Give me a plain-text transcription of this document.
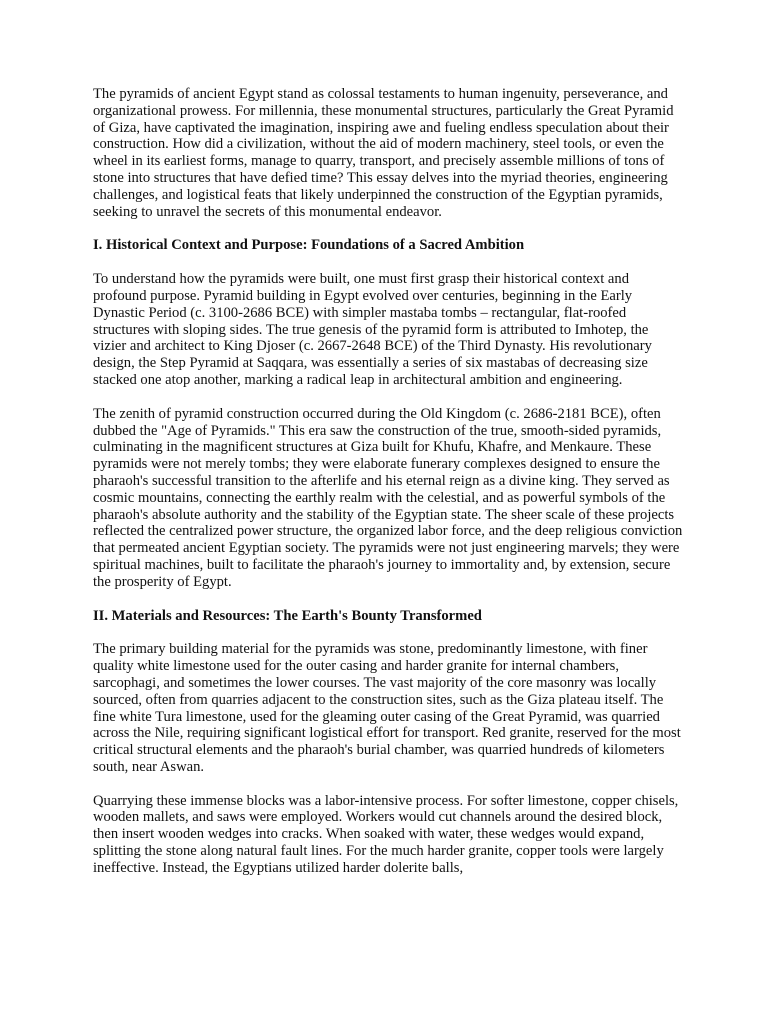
The pyramids of ancient Egypt stand as colossal testaments to human ingenuity, perseverance, and organizational prowess. For millennia, these monumental structures, particularly the Great Pyramid of Giza, have captivated the imagination, inspiring awe and fueling endless speculation about their construction. How did a civilization, without the aid of modern machinery, steel tools, or even the wheel in its earliest forms, manage to quarry, transport, and precisely assemble millions of tons of stone into structures that have defied time? This essay delves into the myriad theories, engineering challenges, and logistical feats that likely underpinned the construction of the Egyptian pyramids, seeking to unravel the secrets of this monumental endeavor.

I. Historical Context and Purpose: Foundations of a Sacred Ambition

To understand how the pyramids were built, one must first grasp their historical context and profound purpose. Pyramid building in Egypt evolved over centuries, beginning in the Early Dynastic Period (c. 3100-2686 BCE) with simpler mastaba tombs – rectangular, flat-roofed structures with sloping sides. The true genesis of the pyramid form is attributed to Imhotep, the vizier and architect to King Djoser (c. 2667-2648 BCE) of the Third Dynasty. His revolutionary design, the Step Pyramid at Saqqara, was essentially a series of six mastabas of decreasing size stacked one atop another, marking a radical leap in architectural ambition and engineering.

The zenith of pyramid construction occurred during the Old Kingdom (c. 2686-2181 BCE), often dubbed the "Age of Pyramids." This era saw the construction of the true, smooth-sided pyramids, culminating in the magnificent structures at Giza built for Khufu, Khafre, and Menkaure. These pyramids were not merely tombs; they were elaborate funerary complexes designed to ensure the pharaoh's successful transition to the afterlife and his eternal reign as a divine king. They served as cosmic mountains, connecting the earthly realm with the celestial, and as powerful symbols of the pharaoh's absolute authority and the stability of the Egyptian state. The sheer scale of these projects reflected the centralized power structure, the organized labor force, and the deep religious conviction that permeated ancient Egyptian society. The pyramids were not just engineering marvels; they were spiritual machines, built to facilitate the pharaoh's journey to immortality and, by extension, secure the prosperity of Egypt.

II. Materials and Resources: The Earth's Bounty Transformed

The primary building material for the pyramids was stone, predominantly limestone, with finer quality white limestone used for the outer casing and harder granite for internal chambers, sarcophagi, and sometimes the lower courses. The vast majority of the core masonry was locally sourced, often from quarries adjacent to the construction sites, such as the Giza plateau itself. The fine white Tura limestone, used for the gleaming outer casing of the Great Pyramid, was quarried across the Nile, requiring significant logistical effort for transport. Red granite, reserved for the most critical structural elements and the pharaoh's burial chamber, was quarried hundreds of kilometers south, near Aswan.

Quarrying these immense blocks was a labor-intensive process. For softer limestone, copper chisels, wooden mallets, and saws were employed. Workers would cut channels around the desired block, then insert wooden wedges into cracks. When soaked with water, these wedges would expand, splitting the stone along natural fault lines. For the much harder granite, copper tools were largely ineffective. Instead, the Egyptians utilized harder dolerite balls,
